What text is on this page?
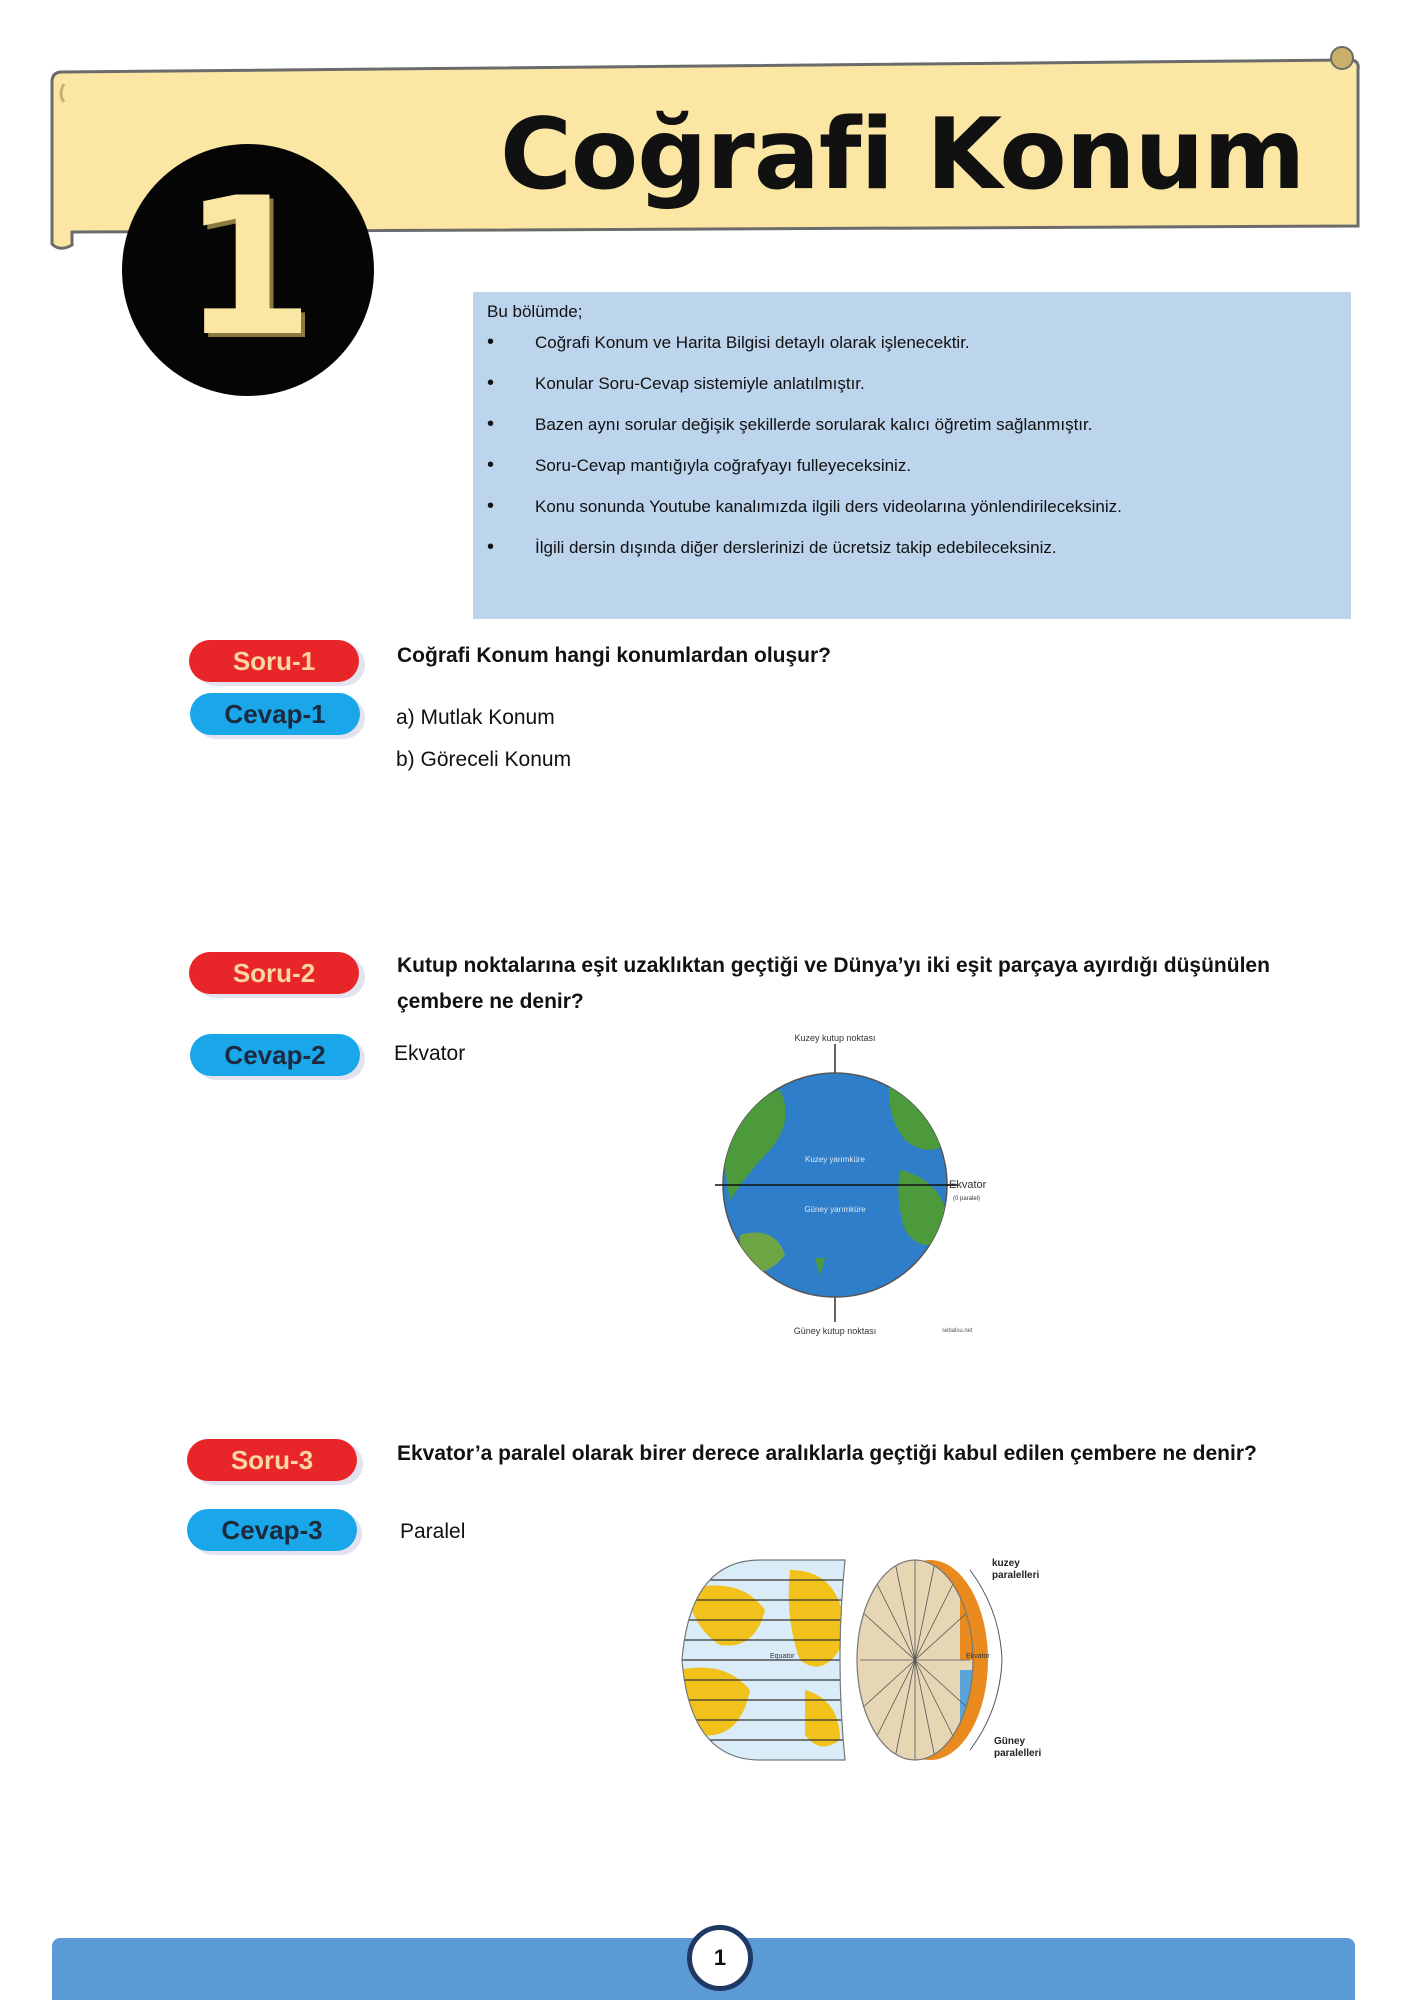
Coğrafi Konum
1	Bu bölümde;

• Coğrafi Konum ve Harita Bilgisi detaylı olarak işlenecektir.
• Konular Soru-Cevap sistemiyle anlatılmıştır.
• Bazen aynı sorular değişik şekillerde sorularak kalıcı öğretim sağlanmıştır.
• Soru-Cevap mantığıyla coğrafyayı fulleyeceksiniz.
• Konu sonunda Youtube kanalımızda ilgili ders videolarına yönlendirileceksiniz.
• İlgili dersin dışında diğer derslerinizi de ücretsiz takip edebileceksiniz.
Soru-1	Coğrafi Konum hangi konumlardan oluşur?
Cevap-1	a) Mutlak Konum
b) Göreceli Konum
Soru-2	Kutup noktalarına eşit uzaklıktan geçtiği ve Dünya’yı iki eşit parçaya ayırdığı düşünülen çembere ne denir?
Cevap-2	Ekvator
Kuzey kutup noktası
Güney kutup noktası
Kuzey yarımküre
Güney yarımküre
Ekvator
(0 paralel)
sebalsu.net
Soru-3	Ekvator’a paralel olarak birer derece aralıklarla geçtiği kabul edilen çembere ne denir?
Cevap-3	Paralel
Equator	Ekvator
kuzey
paralelleri
Güney
paralelleri
1
